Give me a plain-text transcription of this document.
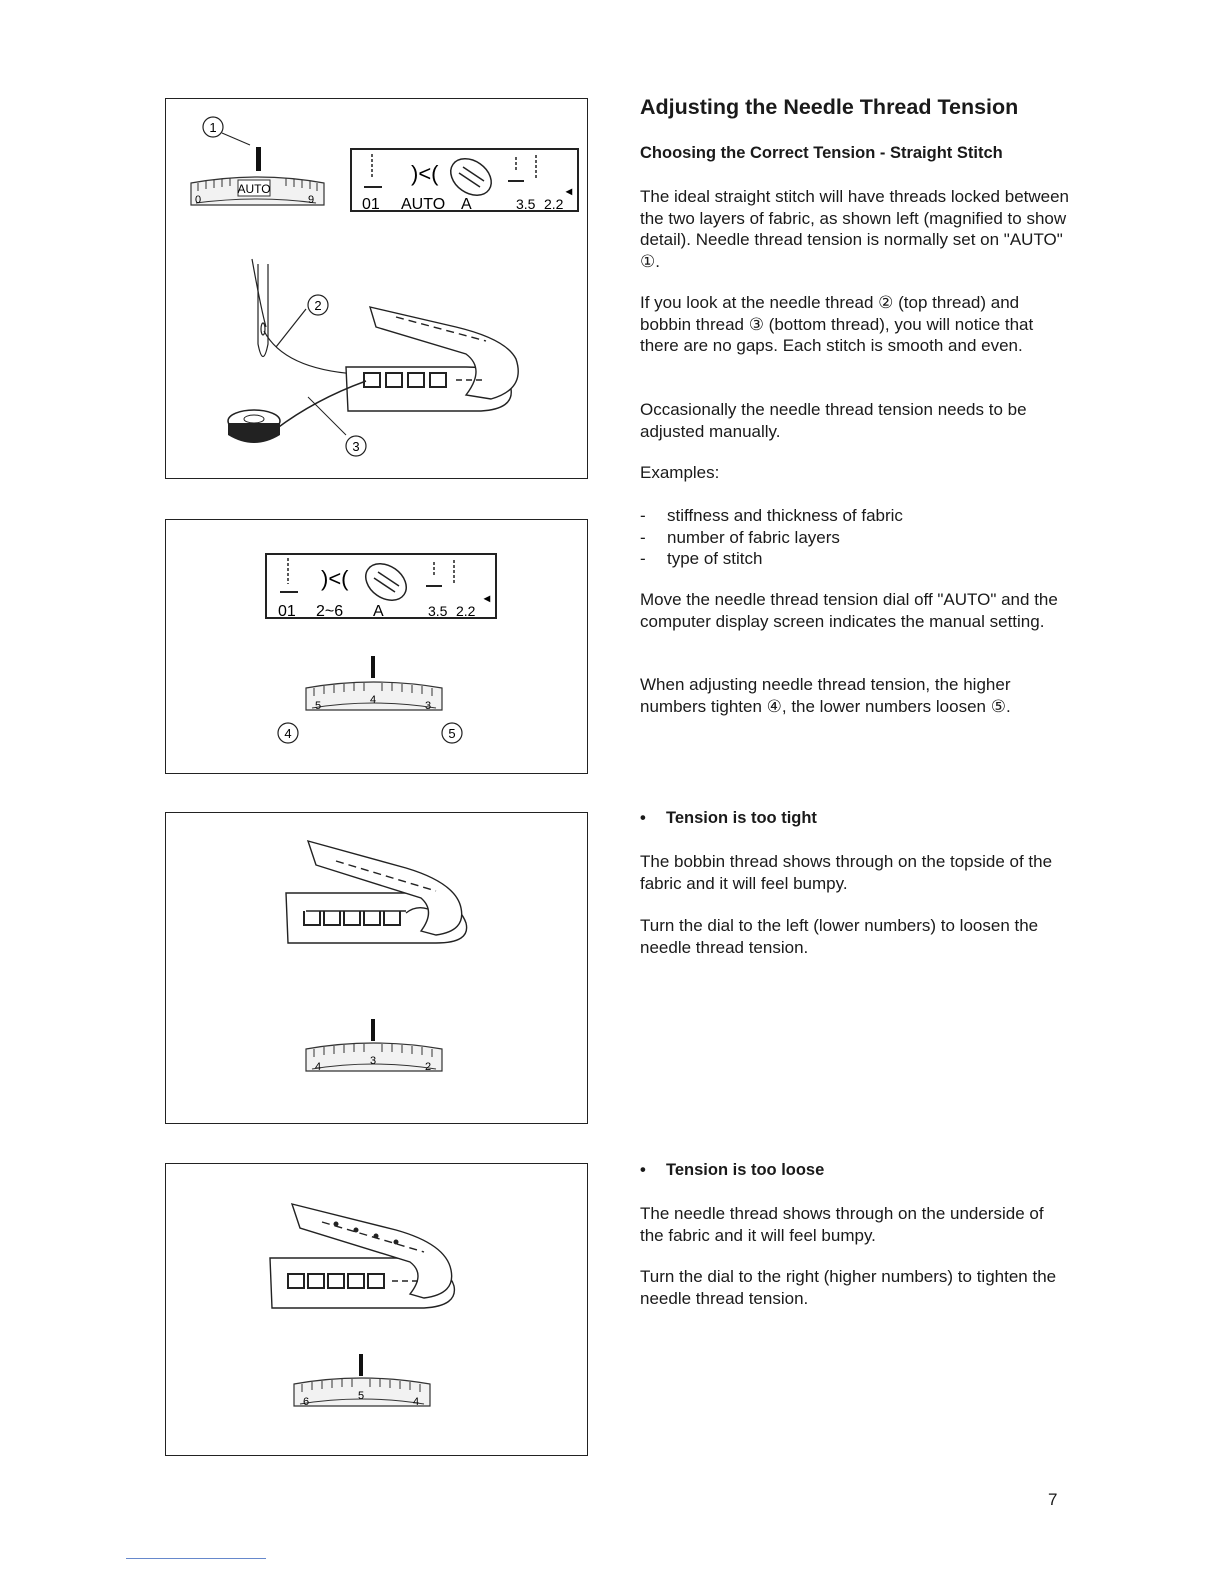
1
AUTO
0	9
)<(
◂
01 AUTO A	3.5 2.2
2
3
)<(
◂
01 2~6 A	3.5 2.2
4
5	3
4	5
3
4	2
5
6	4
Adjusting the Needle Thread Tension
Choosing the Correct Tension - Straight Stitch
The ideal straight stitch will have threads locked between the two layers of fabric, as shown left (magnified to show detail). Needle thread tension is normally set on "AUTO" ①.
If you look at the needle thread ② (top thread) and bobbin thread ③ (bottom thread), you will notice that there are no gaps. Each stitch is smooth and even.
Occasionally the needle thread tension needs to be adjusted manually.
Examples:
- stiffness and thickness of fabric
- number of fabric layers
- type of stitch
Move the needle thread tension dial off "AUTO" and the computer display screen indicates the manual setting.
When adjusting needle thread tension, the higher numbers tighten ④, the lower numbers loosen ⑤.
• Tension is too tight
The bobbin thread shows through on the topside of the fabric and it will feel bumpy.
Turn the dial to the left (lower numbers) to loosen the needle thread tension.
• Tension is too loose
The needle thread shows through on the underside of the fabric and it will feel bumpy.
Turn the dial to the right (higher numbers) to tighten the needle thread tension.
7
